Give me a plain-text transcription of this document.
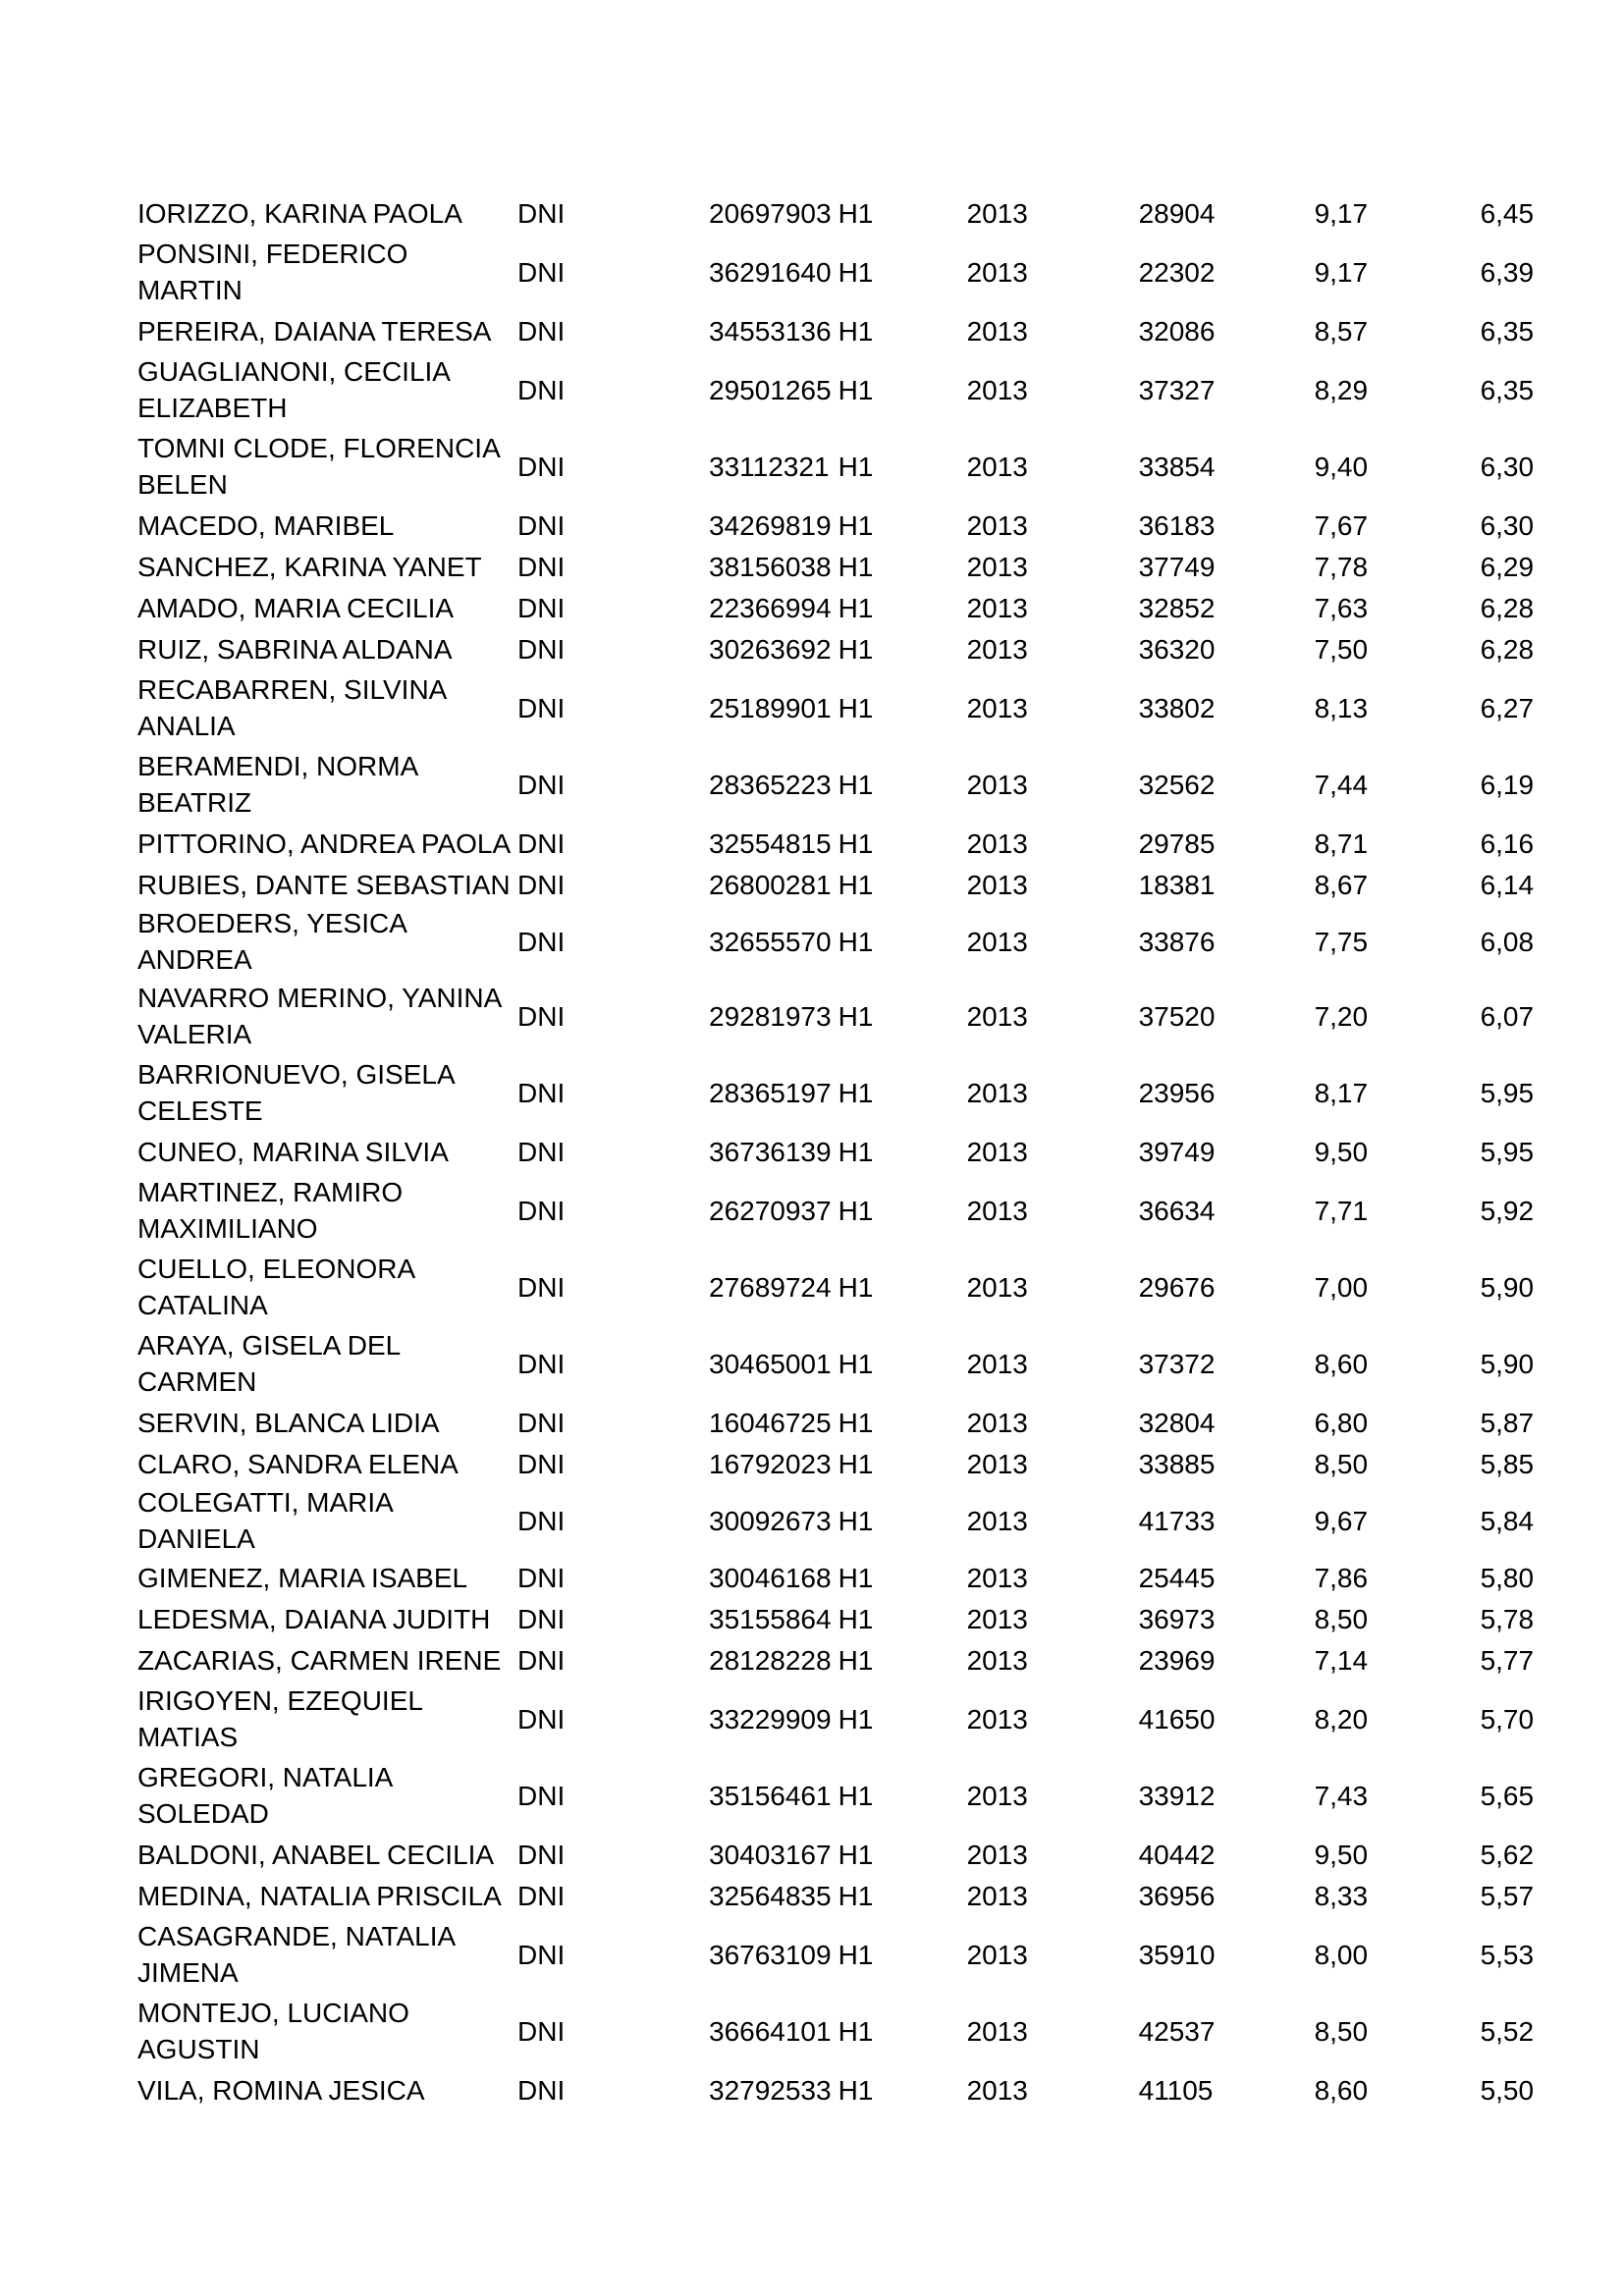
IORIZZO, KARINA PAOLA	DNI	20697903	H1	2013	28904	9,17	6,45
PONSINI, FEDERICO MARTIN	DNI	36291640	H1	2013	22302	9,17	6,39
PEREIRA, DAIANA TERESA	DNI	34553136	H1	2013	32086	8,57	6,35
GUAGLIANONI, CECILIA ELIZABETH	DNI	29501265	H1	2013	37327	8,29	6,35
TOMNI CLODE, FLORENCIA BELEN	DNI	33112321	H1	2013	33854	9,40	6,30
MACEDO, MARIBEL	DNI	34269819	H1	2013	36183	7,67	6,30
SANCHEZ, KARINA YANET	DNI	38156038	H1	2013	37749	7,78	6,29
AMADO, MARIA CECILIA	DNI	22366994	H1	2013	32852	7,63	6,28
RUIZ, SABRINA ALDANA	DNI	30263692	H1	2013	36320	7,50	6,28
RECABARREN, SILVINA ANALIA	DNI	25189901	H1	2013	33802	8,13	6,27
BERAMENDI, NORMA BEATRIZ	DNI	28365223	H1	2013	32562	7,44	6,19
PITTORINO, ANDREA PAOLA	DNI	32554815	H1	2013	29785	8,71	6,16
RUBIES, DANTE SEBASTIAN	DNI	26800281	H1	2013	18381	8,67	6,14
BROEDERS, YESICA ANDREA	DNI	32655570	H1	2013	33876	7,75	6,08
NAVARRO MERINO, YANINA VALERIA	DNI	29281973	H1	2013	37520	7,20	6,07
BARRIONUEVO, GISELA CELESTE	DNI	28365197	H1	2013	23956	8,17	5,95
CUNEO, MARINA SILVIA	DNI	36736139	H1	2013	39749	9,50	5,95
MARTINEZ, RAMIRO MAXIMILIANO	DNI	26270937	H1	2013	36634	7,71	5,92
CUELLO, ELEONORA CATALINA	DNI	27689724	H1	2013	29676	7,00	5,90
ARAYA, GISELA DEL CARMEN	DNI	30465001	H1	2013	37372	8,60	5,90
SERVIN, BLANCA LIDIA	DNI	16046725	H1	2013	32804	6,80	5,87
CLARO, SANDRA ELENA	DNI	16792023	H1	2013	33885	8,50	5,85
COLEGATTI, MARIA DANIELA	DNI	30092673	H1	2013	41733	9,67	5,84
GIMENEZ, MARIA ISABEL	DNI	30046168	H1	2013	25445	7,86	5,80
LEDESMA, DAIANA JUDITH	DNI	35155864	H1	2013	36973	8,50	5,78
ZACARIAS, CARMEN IRENE	DNI	28128228	H1	2013	23969	7,14	5,77
IRIGOYEN, EZEQUIEL MATIAS	DNI	33229909	H1	2013	41650	8,20	5,70
GREGORI, NATALIA SOLEDAD	DNI	35156461	H1	2013	33912	7,43	5,65
BALDONI, ANABEL CECILIA	DNI	30403167	H1	2013	40442	9,50	5,62
MEDINA, NATALIA PRISCILA	DNI	32564835	H1	2013	36956	8,33	5,57
CASAGRANDE, NATALIA JIMENA	DNI	36763109	H1	2013	35910	8,00	5,53
MONTEJO, LUCIANO AGUSTIN	DNI	36664101	H1	2013	42537	8,50	5,52
VILA, ROMINA JESICA	DNI	32792533	H1	2013	41105	8,60	5,50
